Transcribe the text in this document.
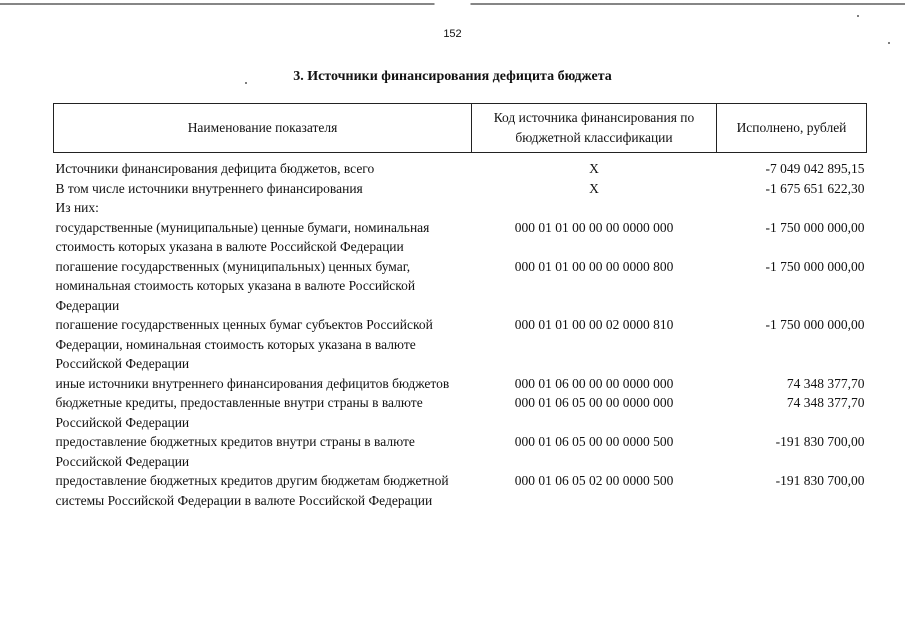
152
3. Источники финансирования дефицита бюджета
Наименование показателя	Код источника финансирования по бюджетной классификации	Исполнено, рублей
Источники финансирования дефицита бюджетов, всего	X	-7 049 042 895,15
В том числе источники внутреннего финансирования	X	-1 675 651 622,30
Из них:		
государственные (муниципальные) ценные бумаги, номинальная стоимость которых указана в валюте Российской Федерации	000 01 01 00 00 00 0000 000	-1 750 000 000,00
погашение государственных (муниципальных) ценных бумаг, номинальная стоимость которых указана в валюте Российской Федерации	000 01 01 00 00 00 0000 800	-1 750 000 000,00
погашение государственных ценных бумаг субъектов Российской Федерации, номинальная стоимость которых указана в валюте Российской Федерации	000 01 01 00 00 02 0000 810	-1 750 000 000,00
иные источники внутреннего финансирования дефицитов бюджетов	000 01 06 00 00 00 0000 000	74 348 377,70
бюджетные кредиты, предоставленные внутри страны в валюте Российской Федерации	000 01 06 05 00 00 0000 000	74 348 377,70
предоставление бюджетных кредитов внутри страны в валюте Российской Федерации	000 01 06 05 00 00 0000 500	-191 830 700,00
предоставление бюджетных кредитов другим бюджетам бюджетной системы Российской Федерации в валюте Российской Федерации	000 01 06 05 02 00 0000 500	-191 830 700,00
